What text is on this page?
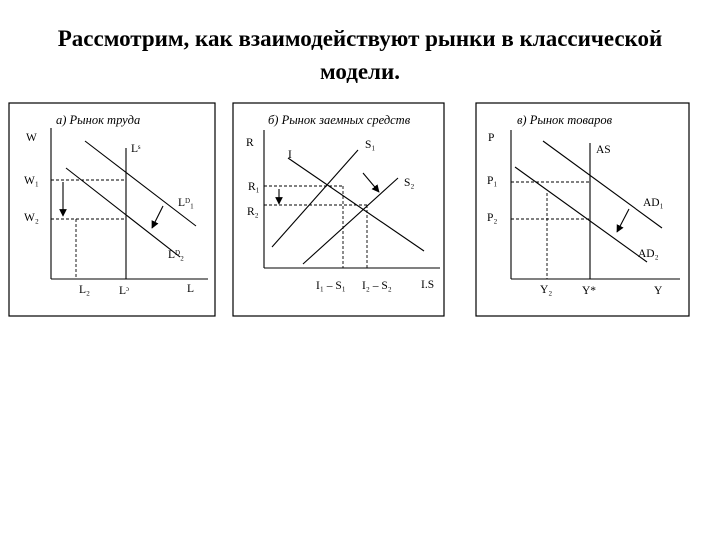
Рассмотрим, как взаимодействуют рынки в классической
модели.
а) Рынок труда
W
L
Lˢ
Lᴰ₁
Lᴰ₂
W₁
W₂
L₂	Lᵓ
б) Рынок заемных средств
R
I.S
I
S₁
S₂
R₁
R₂
I₁ – S₁ I₂ – S₂
в) Рынок товаров
P
Y
AS
AD₁
AD₂
P₁
P₂
Y₂	Y*
